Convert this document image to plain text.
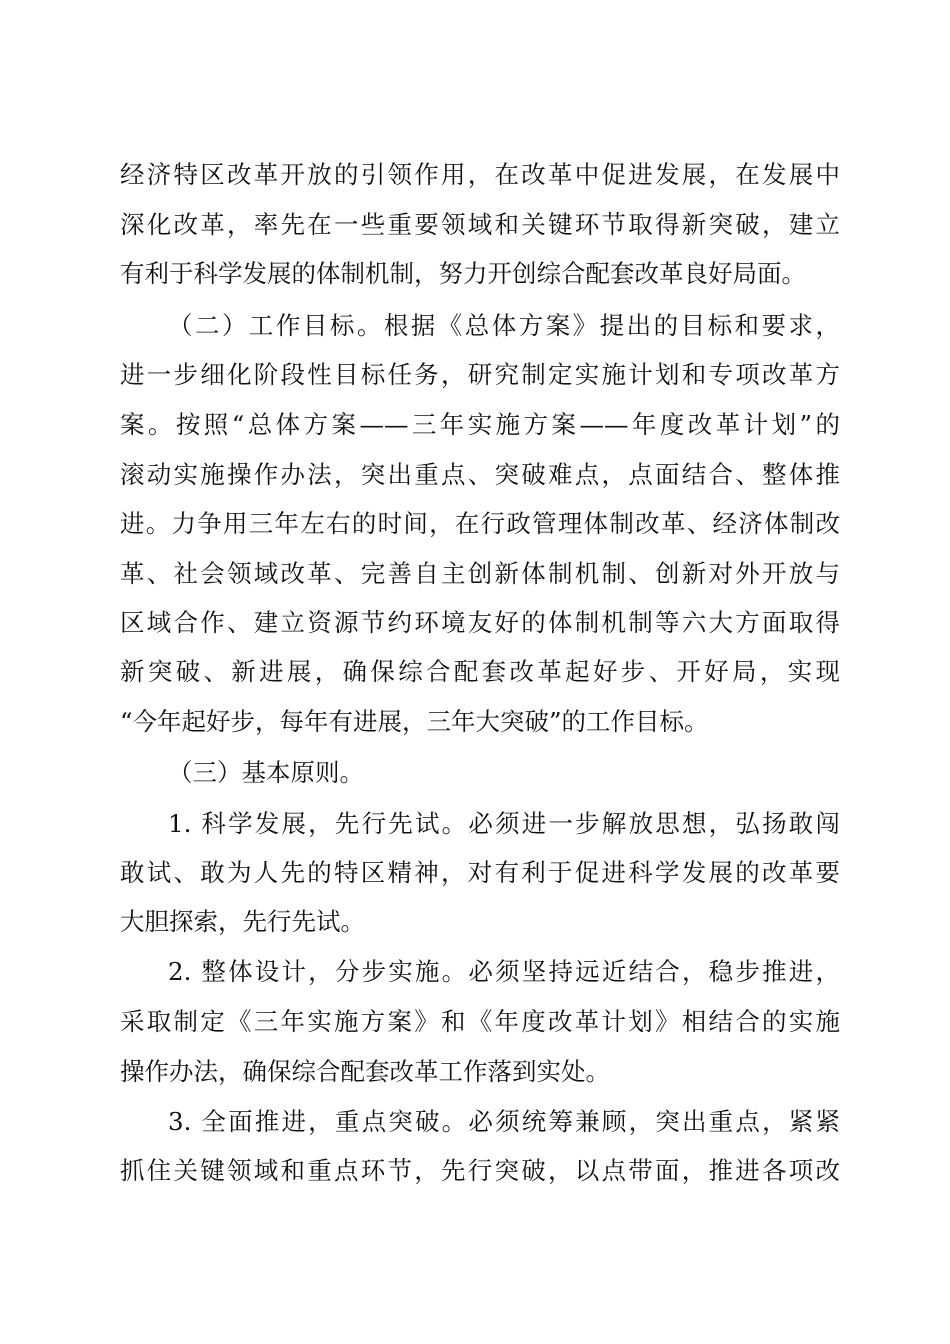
经济特区改革开放的引领作用，在改革中促进发展，在发展中
深化改革，率先在一些重要领域和关键环节取得新突破，建立
有利于科学发展的体制机制，努力开创综合配套改革良好局面。
（二）工作目标。根据《总体方案》提出的目标和要求，
进一步细化阶段性目标任务，研究制定实施计划和专项改革方
案。按照“总体方案——三年实施方案——年度改革计划”的
滚动实施操作办法，突出重点、突破难点，点面结合、整体推
进。力争用三年左右的时间，在行政管理体制改革、经济体制改
革、社会领域改革、完善自主创新体制机制、创新对外开放与
区域合作、建立资源节约环境友好的体制机制等六大方面取得
新突破、新进展，确保综合配套改革起好步、开好局，实现
“今年起好步，每年有进展，三年大突破”的工作目标。
（三）基本原则。
1. 科学发展，先行先试。必须进一步解放思想，弘扬敢闯
敢试、敢为人先的特区精神，对有利于促进科学发展的改革要
大胆探索，先行先试。
2. 整体设计，分步实施。必须坚持远近结合，稳步推进，
采取制定《三年实施方案》和《年度改革计划》相结合的实施
操作办法，确保综合配套改革工作落到实处。
3. 全面推进，重点突破。必须统筹兼顾，突出重点，紧紧
抓住关键领域和重点环节，先行突破，以点带面，推进各项改
